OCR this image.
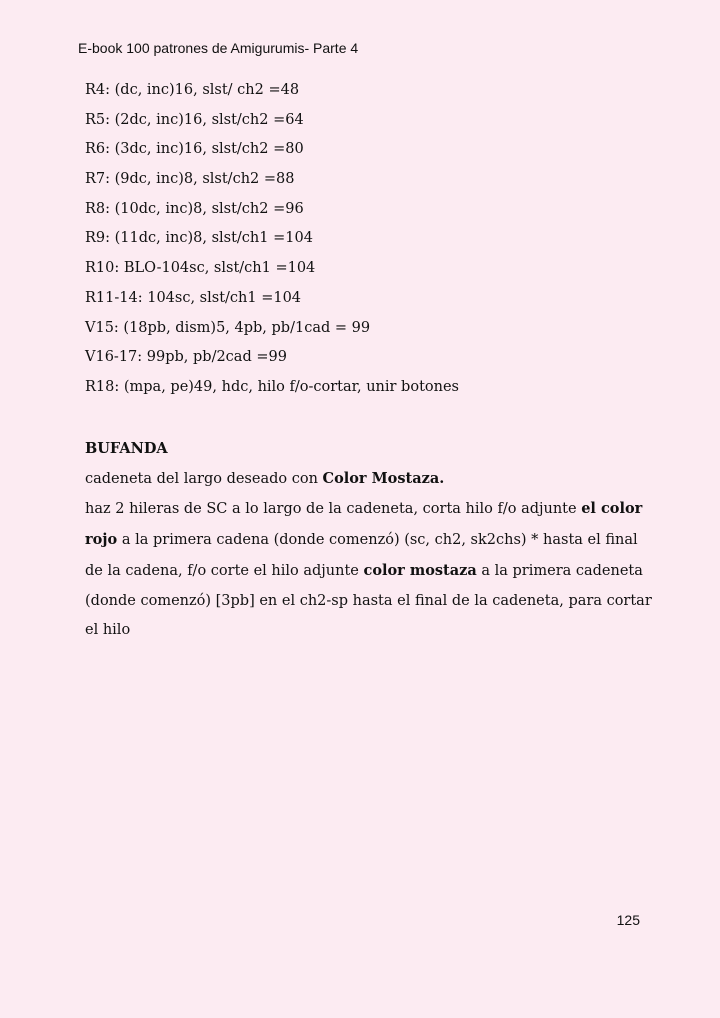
E-book 100 patrones de Amigurumis- Parte 4
R4: (dc, inc)16, slst/ ch2 =48
R5: (2dc, inc)16, slst/ch2 =64
R6: (3dc, inc)16, slst/ch2 =80
R7: (9dc, inc)8, slst/ch2 =88
R8: (10dc, inc)8, slst/ch2 =96
R9: (11dc, inc)8, slst/ch1 =104
R10: BLO-104sc, slst/ch1 =104
R11-14: 104sc, slst/ch1 =104
V15: (18pb, dism)5, 4pb, pb/1cad = 99
V16-17: 99pb, pb/2cad =99
R18: (mpa, pe)49, hdc, hilo f/o-cortar, unir botones
BUFANDA
cadeneta del largo deseado con Color Mostaza.
haz 2 hileras de SC a lo largo de la cadeneta, corta hilo f/o adjunte el color rojo a la primera cadena (donde comenzó) (sc, ch2, sk2chs) * hasta el final de la cadena, f/o corte el hilo adjunte color mostaza a la primera cadeneta (donde comenzó) [3pb] en el ch2-sp hasta el final de la cadeneta, para cortar el hilo
125
